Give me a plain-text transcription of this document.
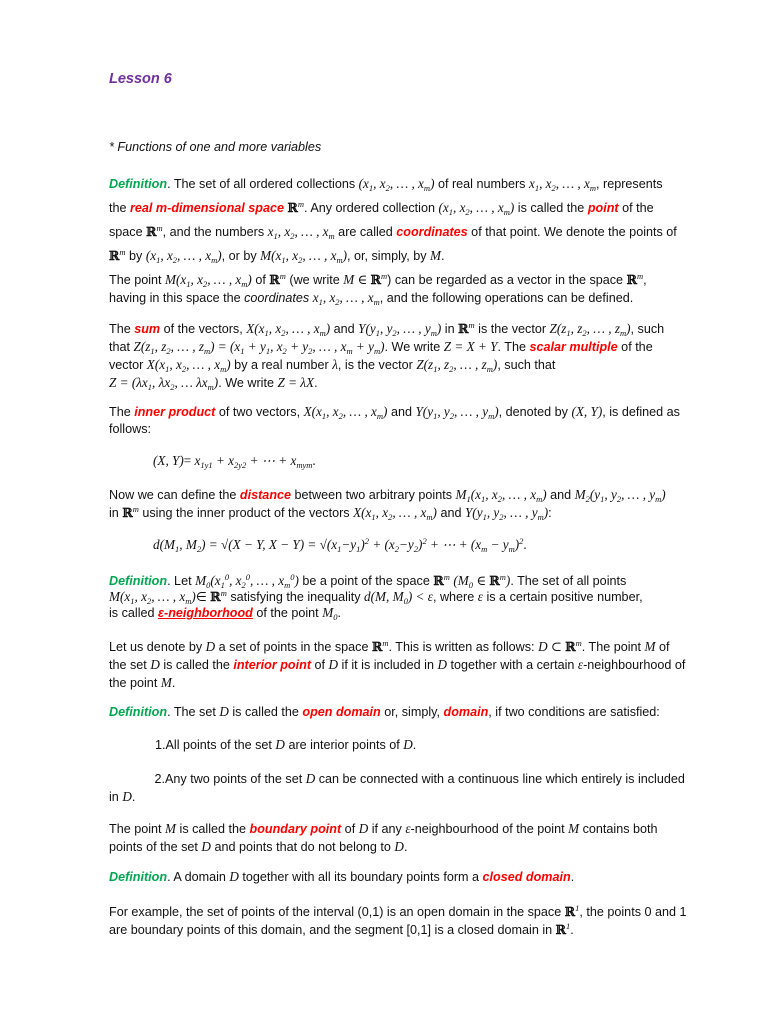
Lesson 6
* Functions of one and more variables
Definition. The set of all ordered collections ($x_1$, $x_2$, … , $x_m$) of real numbers $x_1$, $x_2$, … , $x_m$, represents
the real m-dimensional space ℝ$^m$. Any ordered collection ($x_1$, $x_2$, … , $x_m$) is called the point of the
space ℝ$^m$, and the numbers $x_1$, $x_2$, … , $x_m$ are called coordinates of that point. We denote the points of
ℝ$^m$ by ($x_1$, $x_2$, … , $x_m$), or by $M(x_1$, $x_2$, … , $x_m$), or, simply, by M.
The point $M(x_1$, $x_2$, … , $x_m$) of ℝ$^m$ (we write M ∈ ℝ$^m$) can be regarded as a vector in the space ℝ$^m$,
having in this space the coordinates $x_1$, $x_2$, … , $x_m$, and the following operations can be defined.
The sum of the vectors, $X(x_1$, $x_2$, … , $x_m$) and $Y(y_1$, $y_2$, … , $y_m$) in ℝ$^m$ is the vector $Z(z_1$, $z_2$, … , $z_m$), such
that $Z(z_1$, $z_2$, … , $z_m) = (x_1 + y_1$, $x_2 + y_2$, … , $x_m + y_m$). We write Z = X + Y. The scalar multiple of the
vector $X(x_1$, $x_2$, … , $x_m$) by a real number λ, is the vector $Z(z_1$, $z_2$, … , $z_m$), such that
$Z = (\lambda x_1$, $\lambda x_2$, … $\lambda x_m$). We write Z = λX.
The inner product of two vectors, $X(x_1$, $x_2$, … , $x_m$) and $Y(y_1$, $y_2$, … , $y_m$), denoted by (X, Y), is defined as
follows:
(X, $Y)= x_{1y1} + x_{2y2}$ + ⋯ + $x_{mym}$.
Now we can define the distance between two arbitrary points $M_1(x_1$, $x_2$, … , $x_m$) and $M_2(y_1$, $y_2$, … , $y_m$)
in ℝ$^m$ using the inner product of the vectors $X(x_1$, $x_2$, … , $x_m$) and $Y(y_1$, $y_2$, … , $y_m$):
$d(M_1$, $M_2) = √(X - Y$, $X - Y) = √(x_1-y_1)^2 + (x_2-y_2)^2$ + ⋯ + $(x_m - y_m)^2$.
Definition. Let $M_0(x_1^0$, $x_2^0$, … , $x_m^0$) be a point of the space ℝ$^m$ ($M_0$ ∈ ℝ$^m$). The set of all points
$M(x_1$, $x_2$, … , $x_m)\in$ ℝ$^m$ satisfying the inequality d(M, $M_0) < \varepsilon$, where ε is a certain positive number,
is called ε-neighborhood of the point $M_0$.
Let us denote by D a set of points in the space ℝ$^m$. This is written as follows: D ⊂ ℝ$^m$. The point M of
the set D is called the interior point of D if it is included in D together with a certain ε-neighbourhood of
the point M.
Definition. The set D is called the open domain or, simply, domain, if two conditions are satisfied:
1.All points of the set D are interior points of D.
2.Any two points of the set D can be connected with a continuous line which entirely is included
in D.
The point M is called the boundary point of D if any ε-neighbourhood of the point M contains both
points of the set D and points that do not belong to D.
Definition. A domain D together with all its boundary points form a closed domain.
For example, the set of points of the interval (0,1) is an open domain in the space ℝ$^1$, the points 0 and 1
are boundary points of this domain, and the segment [0,1] is a closed domain in ℝ$^1$.
